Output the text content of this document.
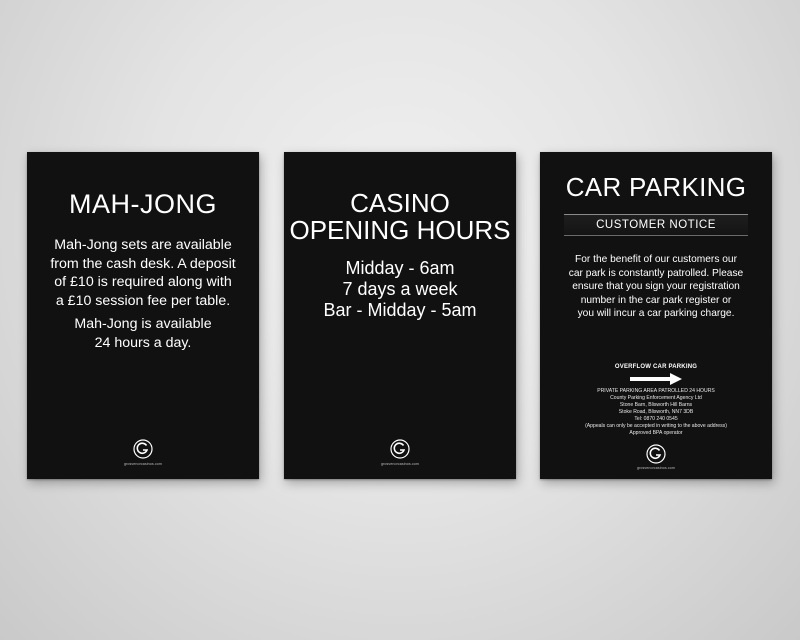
MAH-JONG
Mah-Jong sets are available
from the cash desk. A deposit
of £10 is required along with
a £10 session fee per table.
Mah-Jong is available
24 hours a day.
grosvenorcasinos.com
CASINO
OPENING HOURS
Midday - 6am
7 days a week
Bar - Midday - 5am
grosvenorcasinos.com
CAR PARKING
CUSTOMER NOTICE
For the benefit of our customers our
car park is constantly patrolled. Please
ensure that you sign your registration
number in the car park register or
you will incur a car parking charge.
OVERFLOW CAR PARKING
PRIVATE PARKING AREA PATROLLED 24 HOURS
County Parking Enforcement Agency Ltd
Stone Barn, Blisworth Hill Barns
Stoke Road, Blisworth, NN7 3DB
Tel: 0870 240 0545
(Appeals can only be accepted in writing to the above address)
Approved BPA operator
grosvenorcasinos.com
